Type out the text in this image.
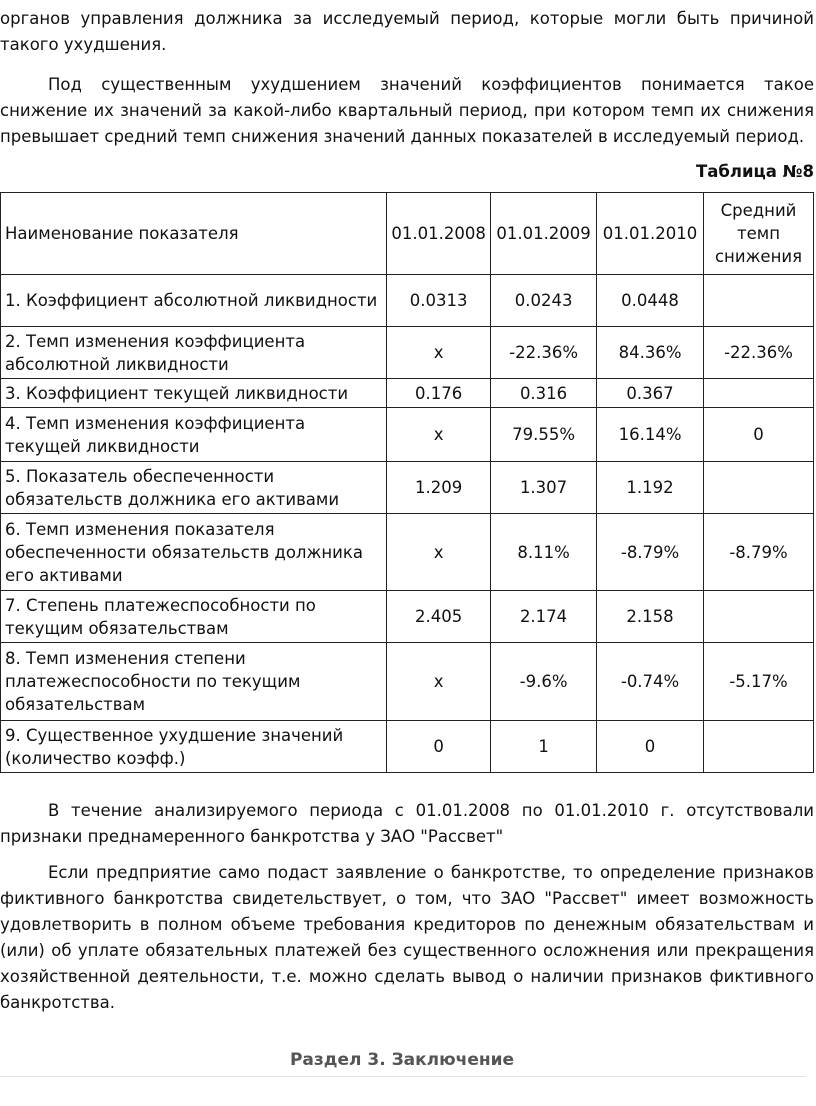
органов управления должника за исследуемый период, которые могли быть причиной такого ухудшения.

Под существенным ухудшением значений коэффициентов понимается такое снижение их значений за какой-либо квартальный период, при котором темп их снижения превышает средний темп снижения значений данных показателей в исследуемый период.

Таблица №8
Наименование показателя	01.01.2008	01.01.2009	01.01.2010	Средний темп снижения
1. Коэффициент абсолютной ликвидности	0.0313	0.0243	0.0448	
2. Темп изменения коэффициента абсолютной ликвидности	x	-22.36%	84.36%	-22.36%
3. Коэффициент текущей ликвидности	0.176	0.316	0.367	
4. Темп изменения коэффициента текущей ликвидности	x	79.55%	16.14%	0
5. Показатель обеспеченности обязательств должника его активами	1.209	1.307	1.192	
6. Темп изменения показателя обеспеченности обязательств должника его активами	x	8.11%	-8.79%	-8.79%
7. Степень платежеспособности по текущим обязательствам	2.405	2.174	2.158	
8. Темп изменения степени платежеспособности по текущим обязательствам	x	-9.6%	-0.74%	-5.17%
9. Существенное ухудшение значений (количество коэфф.)	0	1	0	

В течение анализируемого периода с 01.01.2008 по 01.01.2010 г. отсутствовали признаки преднамеренного банкротства у ЗАО "Рассвет"

Если предприятие само подаст заявление о банкротстве, то определение признаков фиктивного банкротства свидетельствует, о том, что ЗАО "Рассвет" имеет возможность удовлетворить в полном объеме требования кредиторов по денежным обязательствам и (или) об уплате обязательных платежей без существенного осложнения или прекращения хозяйственной деятельности, т.е. можно сделать вывод о наличии признаков фиктивного банкротства.

Раздел 3. Заключение
